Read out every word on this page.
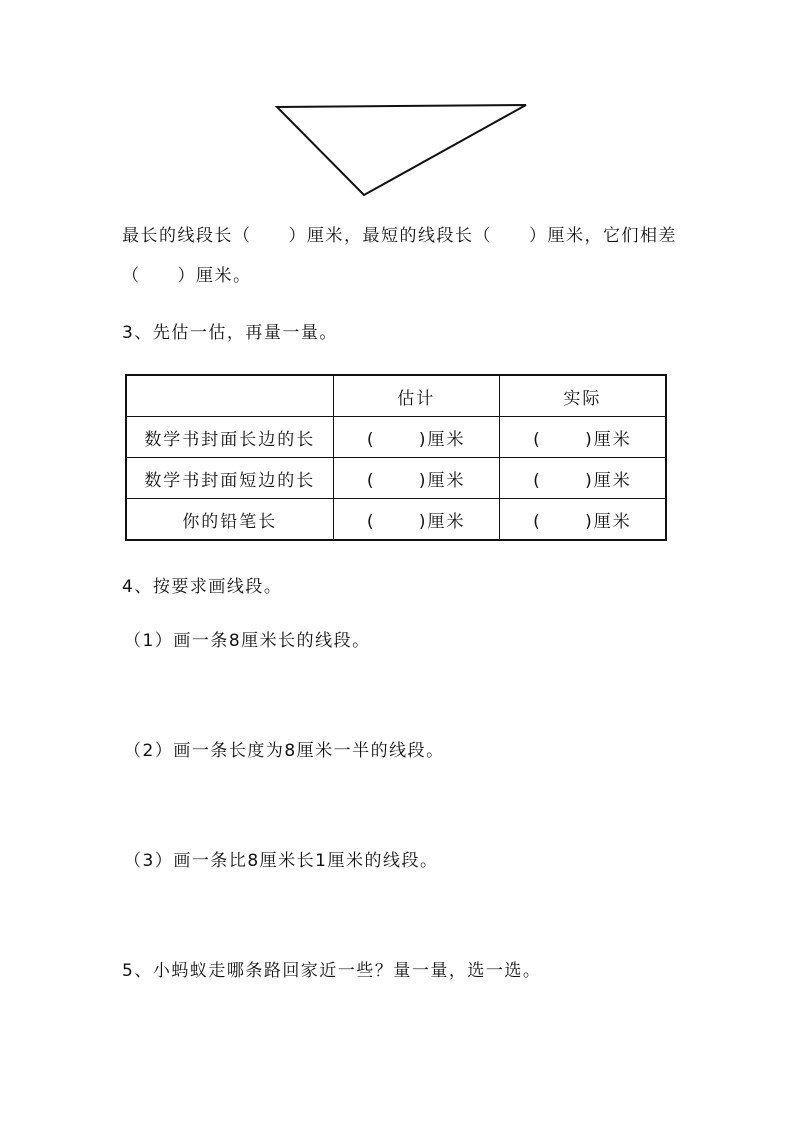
最长的线段长（　　）厘米，最短的线段长（　　）厘米，它们相差
（　　）厘米。
3、先估一估，再量一量。
	估计	实际
数学书封面长边的长	( )厘米	( )厘米
数学书封面短边的长	( )厘米	( )厘米
你的铅笔长	( )厘米	( )厘米
4、按要求画线段。
（1）画一条8厘米长的线段。
（2）画一条长度为8厘米一半的线段。
（3）画一条比8厘米长1厘米的线段。
5、小蚂蚁走哪条路回家近一些？量一量，选一选。
